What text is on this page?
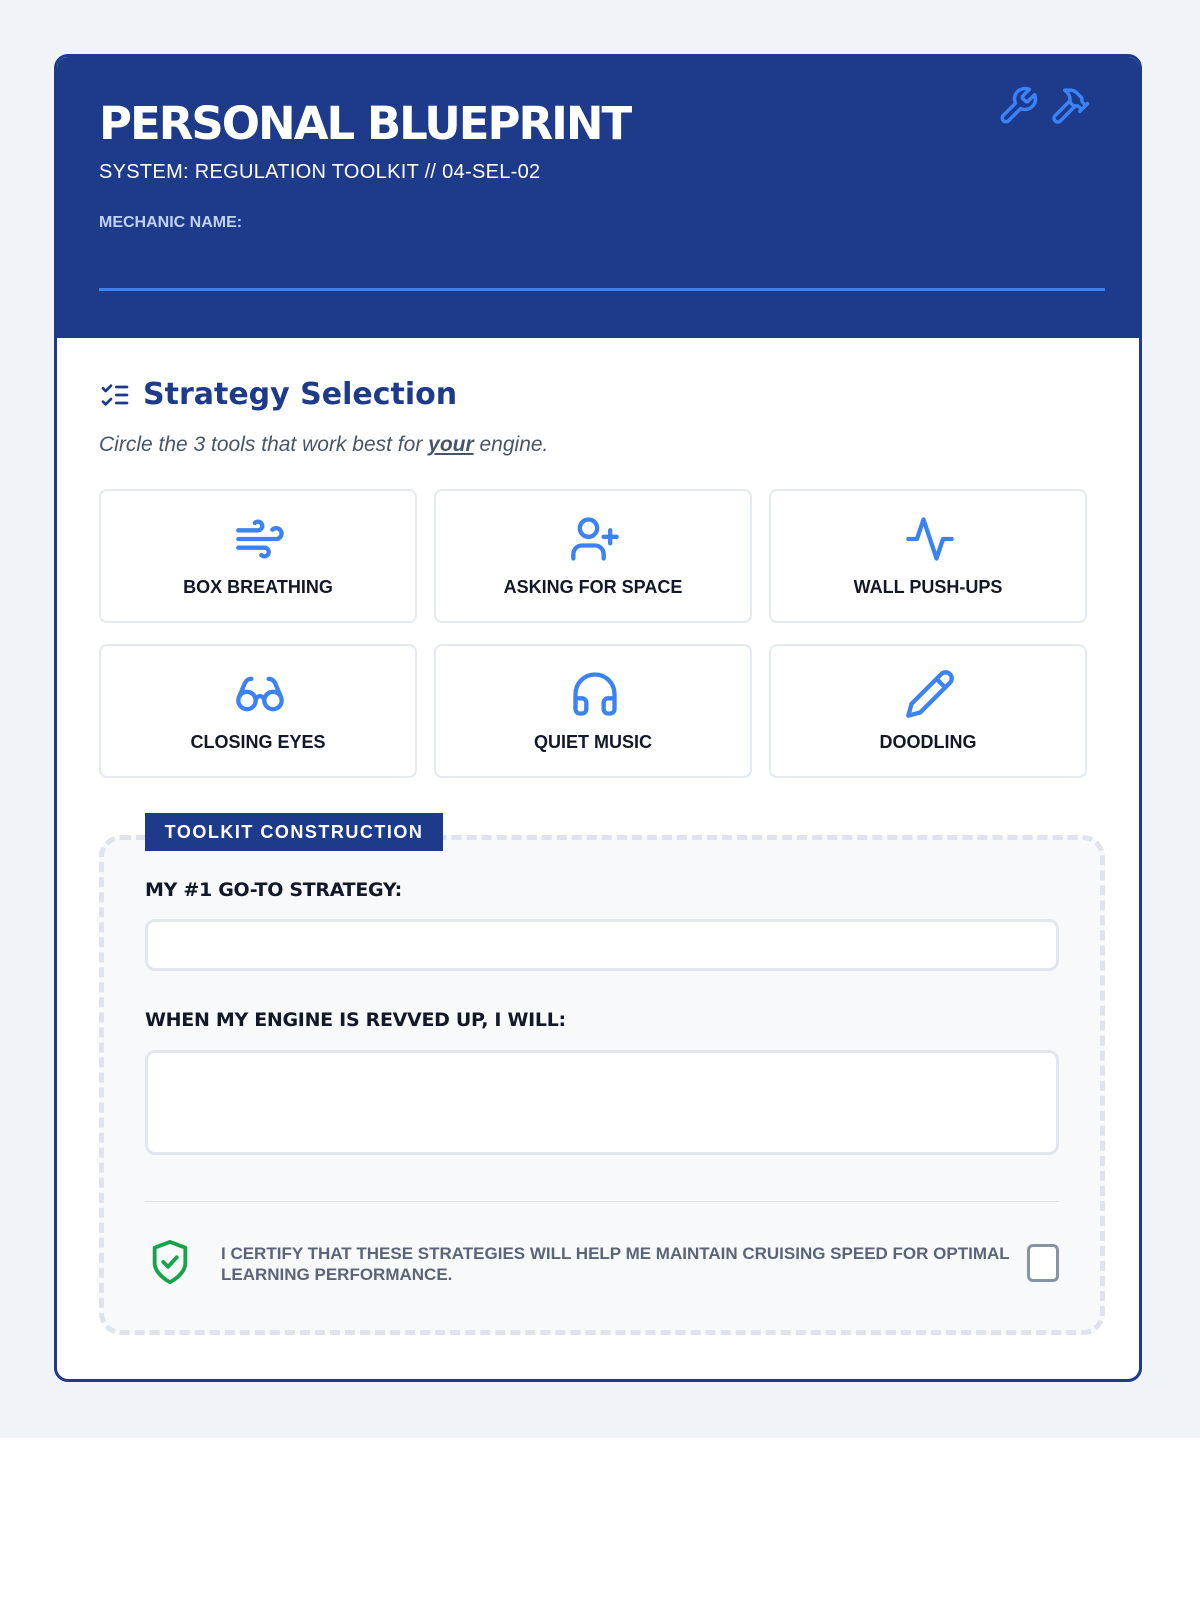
PERSONAL BLUEPRINT
SYSTEM: REGULATION TOOLKIT // 04-SEL-02
MECHANIC NAME:
Strategy Selection
Circle the 3 tools that work best for your engine.
BOX BREATHING	ASKING FOR SPACE	WALL PUSH-UPS
CLOSING EYES	QUIET MUSIC	DOODLING
TOOLKIT CONSTRUCTION
MY #1 GO-TO STRATEGY:
WHEN MY ENGINE IS REVVED UP, I WILL:
I CERTIFY THAT THESE STRATEGIES WILL HELP ME MAINTAIN CRUISING SPEED FOR OPTIMAL LEARNING PERFORMANCE.
